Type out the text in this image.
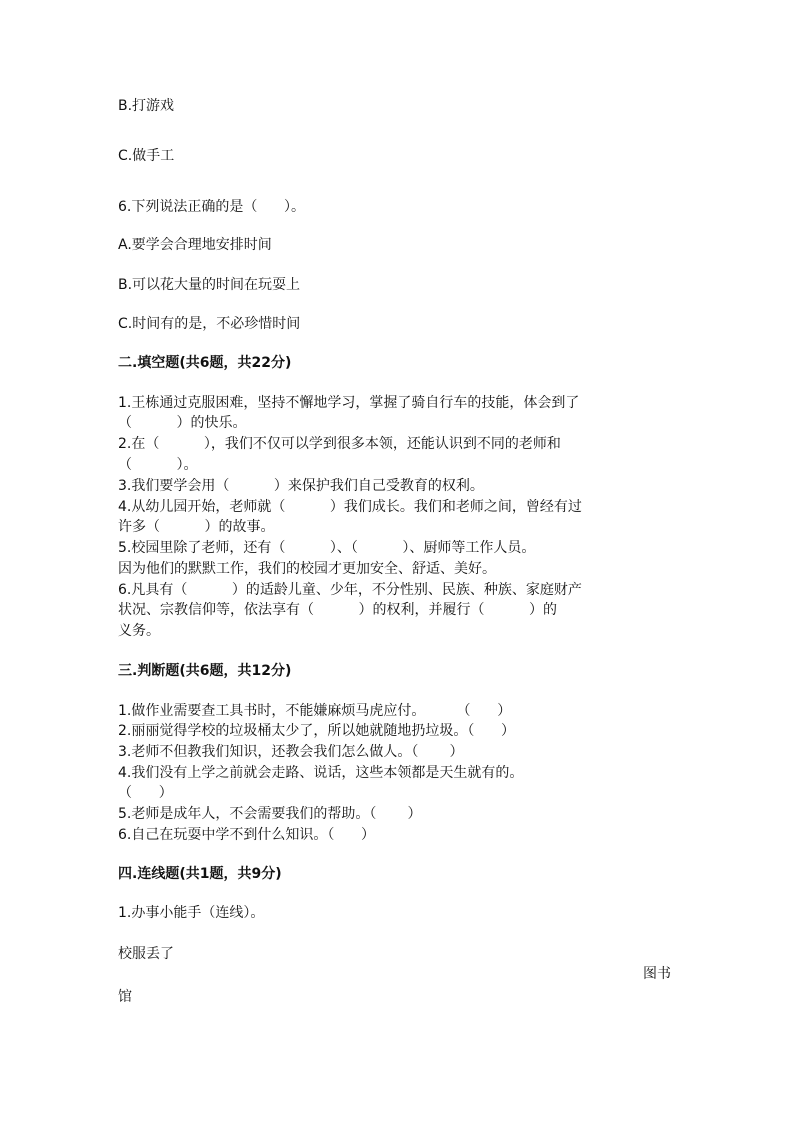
B.打游戏
C.做手工
6.下列说法正确的是（      ）。
A.要学会合理地安排时间
B.可以花大量的时间在玩耍上
C.时间有的是，不必珍惜时间
二.填空题(共6题，共22分)
1.王栋通过克服困难，坚持不懈地学习，掌握了骑自行车的技能，体会到了
（          ）的快乐。
2.在（          ），我们不仅可以学到很多本领，还能认识到不同的老师和
（          ）。
3.我们要学会用（          ）来保护我们自己受教育的权利。
4.从幼儿园开始，老师就（          ）我们成长。我们和老师之间，曾经有过
许多（          ）的故事。
5.校园里除了老师，还有（          ）、（          ）、厨师等工作人员。
因为他们的默默工作，我们的校园才更加安全、舒适、美好。
6.凡具有（          ）的适龄儿童、少年，不分性别、民族、种族、家庭财产
状况、宗教信仰等，依法享有（          ）的权利，并履行（          ）的
义务。
三.判断题(共6题，共12分)
1.做作业需要查工具书时，不能嫌麻烦马虎应付。       （      ）
2.丽丽觉得学校的垃圾桶太少了，所以她就随地扔垃圾。（      ）
3.老师不但教我们知识，还教会我们怎么做人。（       ）
4.我们没有上学之前就会走路、说话，这些本领都是天生就有的。
（      ）
5.老师是成年人，不会需要我们的帮助。（       ）
6.自己在玩耍中学不到什么知识。（      ）
四.连线题(共1题，共9分)
1.办事小能手（连线）。
校服丢了
图书
馆
